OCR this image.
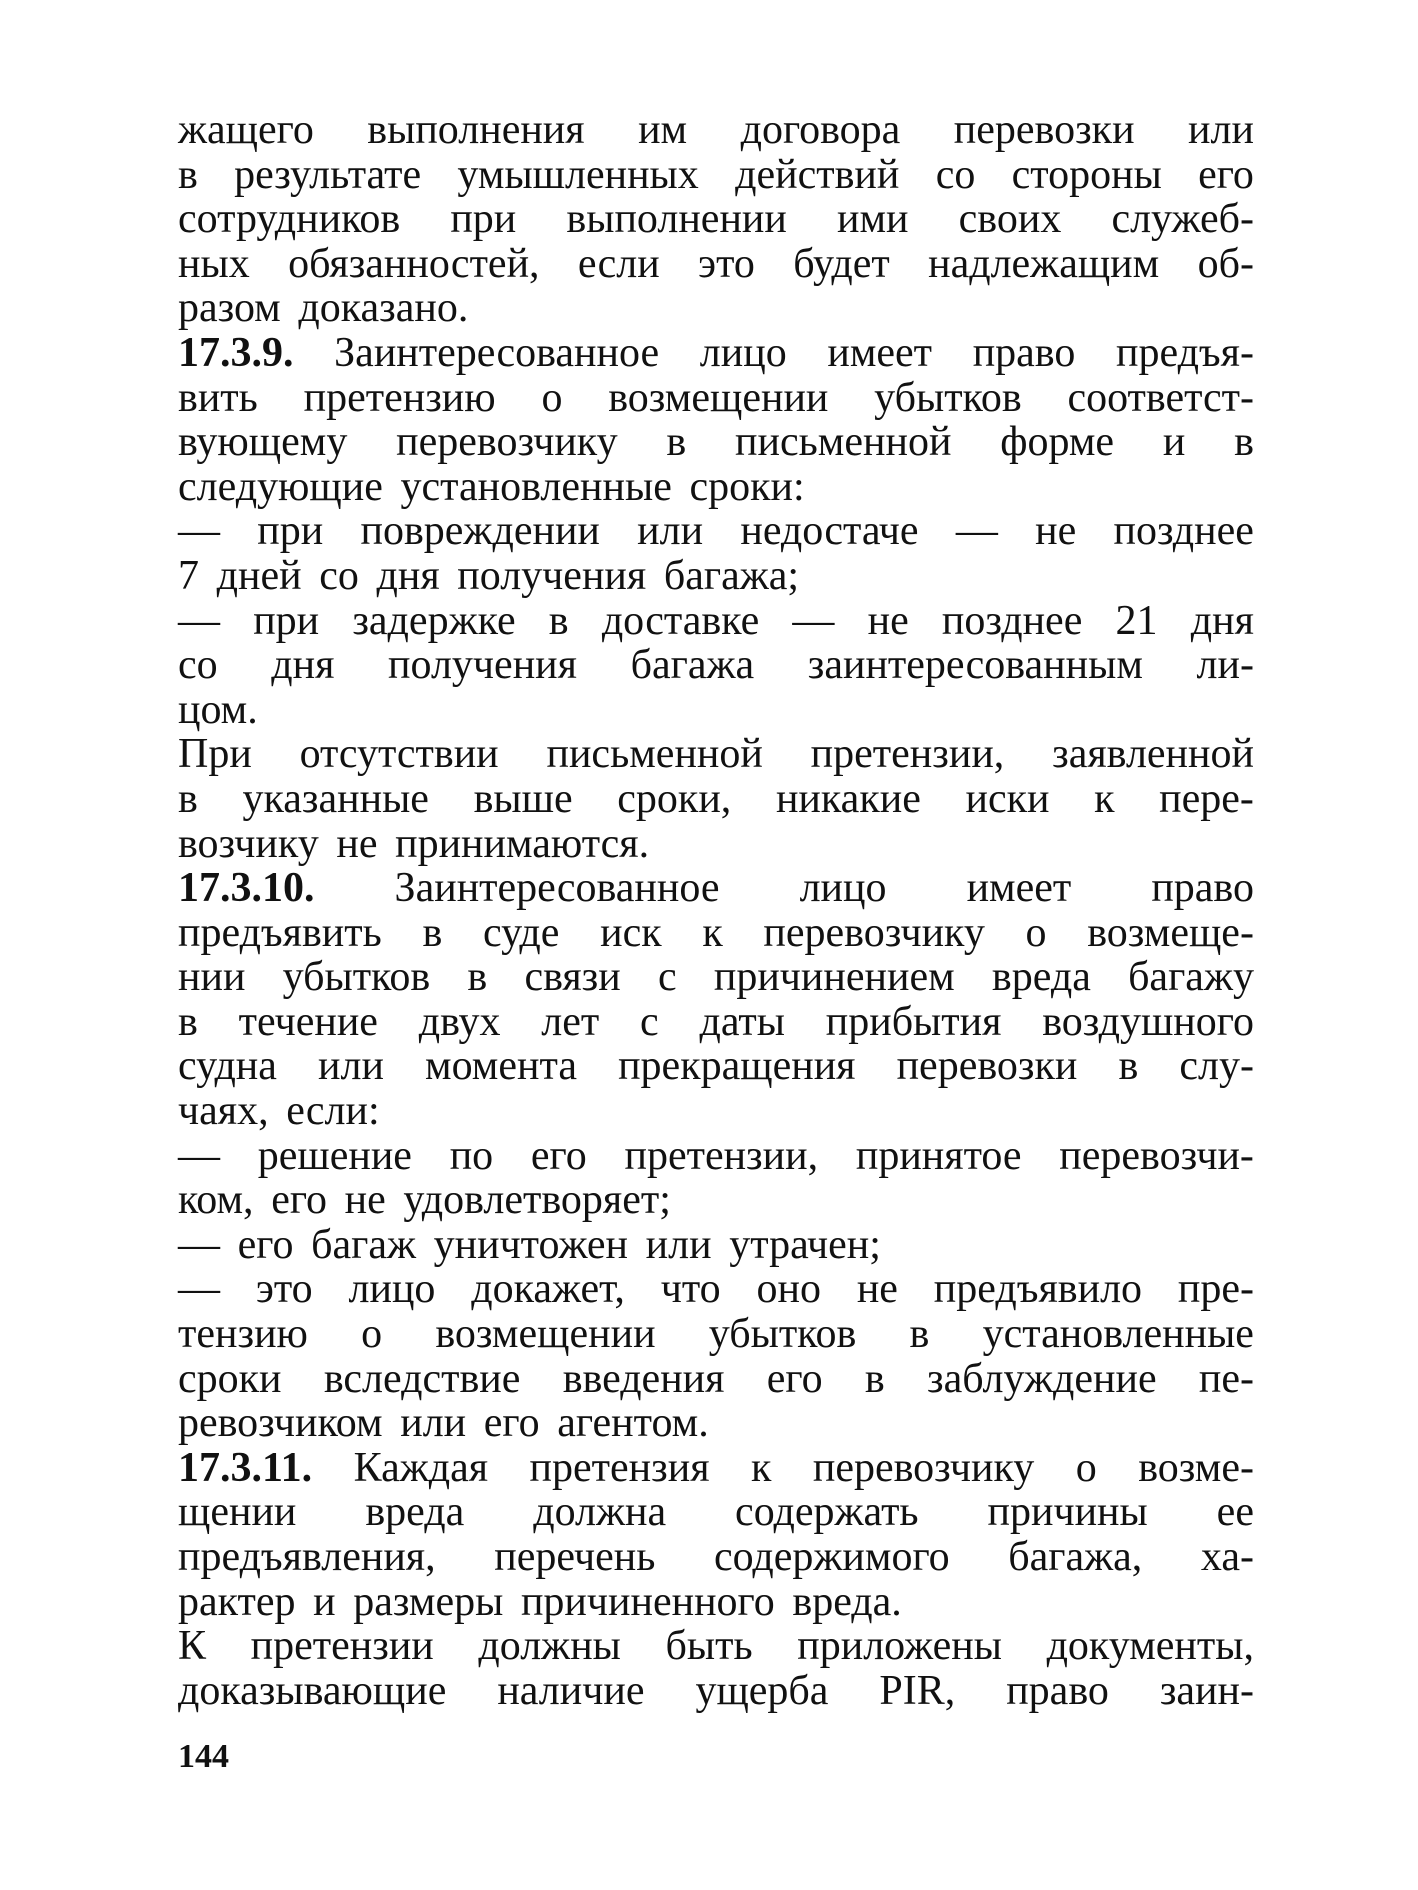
жащего выполнения им договора перевозки или
в результате умышленных действий со стороны его
сотрудников при выполнении ими своих служеб-
ных обязанностей, если это будет надлежащим об-
разом доказано.
17.3.9. Заинтересованное лицо имеет право предъя-
вить претензию о возмещении убытков соответст-
вующему перевозчику в письменной форме и в
следующие установленные сроки:
— при повреждении или недостаче — не позднее
7 дней со дня получения багажа;
— при задержке в доставке — не позднее 21 дня
со дня получения багажа заинтересованным ли-
цом.
При отсутствии письменной претензии, заявленной
в указанные выше сроки, никакие иски к пере-
возчику не принимаются.
17.3.10. Заинтересованное лицо имеет право
предъявить в суде иск к перевозчику о возмеще-
нии убытков в связи с причинением вреда багажу
в течение двух лет с даты прибытия воздушного
судна или момента прекращения перевозки в слу-
чаях, если:
— решение по его претензии, принятое перевозчи-
ком, его не удовлетворяет;
— его багаж уничтожен или утрачен;
— это лицо докажет, что оно не предъявило пре-
тензию о возмещении убытков в установленные
сроки вследствие введения его в заблуждение пе-
ревозчиком или его агентом.
17.3.11. Каждая претензия к перевозчику о возме-
щении вреда должна содержать причины ее
предъявления, перечень содержимого багажа, ха-
рактер и размеры причиненного вреда.
К претензии должны быть приложены документы,
доказывающие наличие ущерба PIR, право заин-
144
